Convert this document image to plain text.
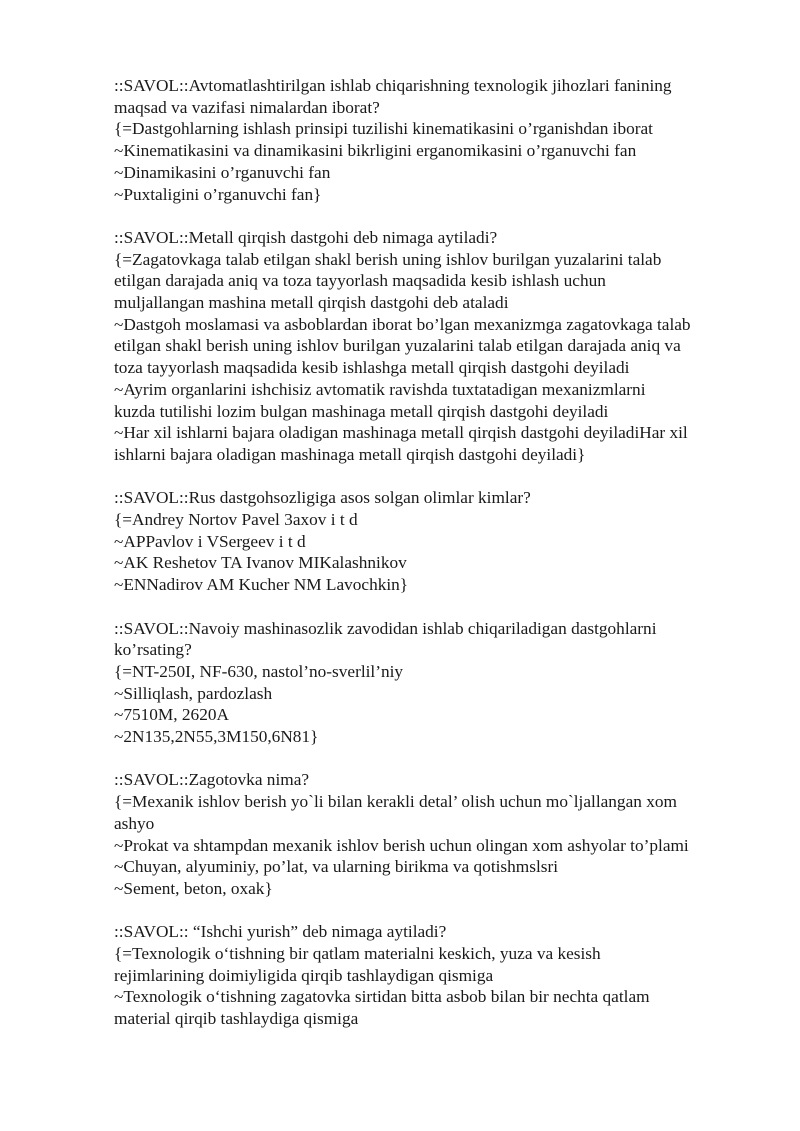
::SAVOL::Avtomatlashtirilgan ishlab chiqarishning texnologik jihozlari fanining

maqsad va vazifasi nimalardan iborat?

{=Dastgohlarning ishlash prinsipi tuzilishi kinematikasini o’rganishdan iborat

~Kinematikasini va dinamikasini bikrligini erganomikasini o’rganuvchi fan

~Dinamikasini o’rganuvchi fan

~Puxtaligini o’rganuvchi fan}

::SAVOL::Metall qirqish dastgohi deb nimaga aytiladi?

{=Zagatovkaga talab etilgan shakl berish uning ishlov burilgan yuzalarini talab

etilgan darajada aniq va toza tayyorlash maqsadida kesib ishlash uchun

muljallangan mashina metall qirqish dastgohi deb ataladi

~Dastgoh moslamasi va asboblardan iborat bo’lgan mexanizmga zagatovkaga talab

etilgan shakl berish uning ishlov burilgan yuzalarini talab etilgan darajada aniq va

toza tayyorlash maqsadida kesib ishlashga metall qirqish dastgohi deyiladi

~Ayrim organlarini ishchisiz avtomatik ravishda tuxtatadigan mexanizmlarni

kuzda tutilishi lozim bulgan mashinaga metall qirqish dastgohi deyiladi

~Har xil ishlarni bajara oladigan mashinaga metall qirqish dastgohi deyiladiHar xil

ishlarni bajara oladigan mashinaga metall qirqish dastgohi deyiladi}

::SAVOL::Rus dastgohsozligiga asos solgan olimlar kimlar?

{=Andrey Nortov Pavel 3axov i t d

~APPavlov i VSergeev i t d

~AK Reshetov TA Ivanov MIKalashnikov

~ENNadirov AM Kucher NM Lavochkin}

::SAVOL::Navoiy mashinasozlik zavodidan ishlab chiqariladigan dastgohlarni

ko’rsating?

{=NT-250I, NF-630, nastol’no-sverlil’niy

~Silliqlash, pardozlash

~7510M, 2620A

~2N135,2N55,3M150,6N81}

::SAVOL::Zagotovka nima?

{=Mexanik ishlov berish yo`li bilan kerakli detal’ olish uchun mo`ljallangan xom

ashyo

~Prokat va shtampdan mexanik ishlov berish uchun olingan xom ashyolar to’plami

~Chuyan, alyuminiy, po’lat, va ularning birikma va qotishmslsri

~Sement, beton, oxak}

::SAVOL:: “Ishchi yurish” deb nimaga aytiladi?

{=Texnologik o‘tishning bir qatlam materialni keskich, yuza va kesish

rejimlarining doimiyligida qirqib tashlaydigan qismiga

~Texnologik o‘tishning zagatovka sirtidan bitta asbob bilan bir nechta qatlam

material qirqib tashlaydiga qismiga
